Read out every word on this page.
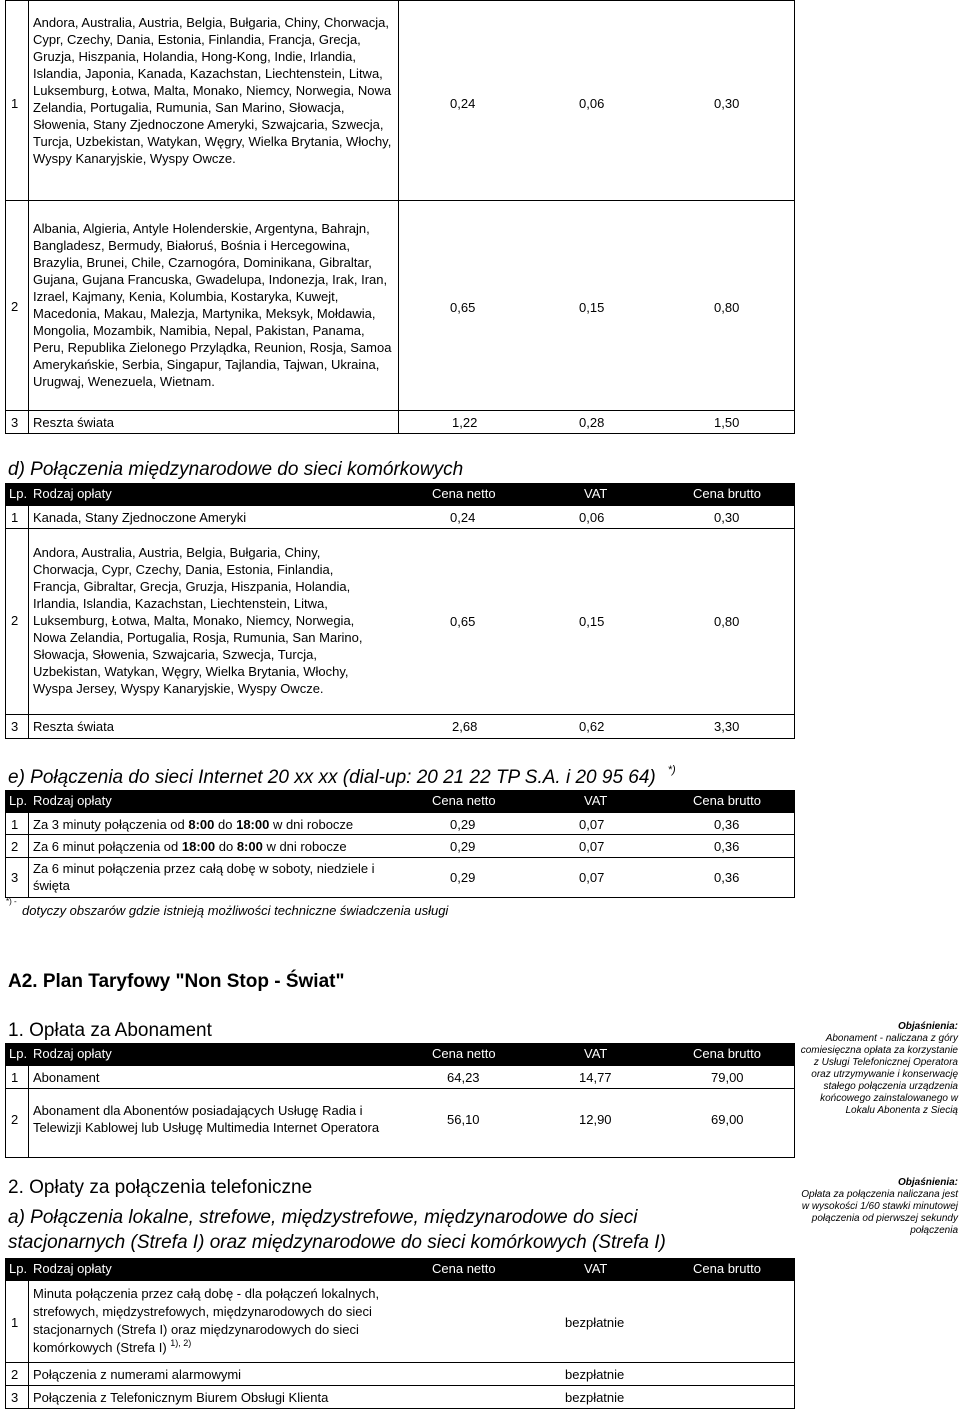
1
Andora, Australia, Austria, Belgia, Bułgaria, Chiny, Chorwacja, Cypr, Czechy, Dania, Estonia, Finlandia, Francja, Grecja, Gruzja, Hiszpania, Holandia, Hong-Kong, Indie, Irlandia, Islandia, Japonia, Kanada, Kazachstan, Liechtenstein, Litwa, Luksemburg, Łotwa, Malta, Monako, Niemcy, Norwegia, Nowa Zelandia, Portugalia, Rumunia, San Marino, Słowacja, Słowenia, Stany Zjednoczone Ameryki, Szwajcaria, Szwecja, Turcja, Uzbekistan, Watykan, Węgry, Wielka Brytania, Włochy, Wyspy Kanaryjskie, Wyspy Owcze.
0,24	0,06	0,30
2
Albania, Algieria, Antyle Holenderskie, Argentyna, Bahrajn, Bangladesz, Bermudy, Białoruś, Bośnia i Hercegowina, Brazylia, Brunei, Chile, Czarnogóra, Dominikana, Gibraltar, Gujana, Gujana Francuska, Gwadelupa, Indonezja, Irak, Iran, Izrael, Kajmany, Kenia, Kolumbia, Kostaryka, Kuwejt, Macedonia, Makau, Malezja, Martynika, Meksyk, Mołdawia, Mongolia, Mozambik, Namibia, Nepal, Pakistan, Panama, Peru, Republika Zielonego Przylądka, Reunion, Rosja, Samoa Amerykańskie, Serbia, Singapur, Tajlandia, Tajwan, Ukraina, Urugwaj, Wenezuela, Wietnam.
0,65	0,15	0,80
3 Reszta świata	1,22	0,28	1,50
d) Połączenia międzynarodowe do sieci komórkowych
Lp. Rodzaj opłaty	Cena netto	VAT	Cena brutto
1 Kanada, Stany Zjednoczone Ameryki	0,24	0,06	0,30
2
Andora, Australia, Austria, Belgia, Bułgaria, Chiny, Chorwacja, Cypr, Czechy, Dania, Estonia, Finlandia, Francja, Gibraltar, Grecja, Gruzja, Hiszpania, Holandia, Irlandia, Islandia, Kazachstan, Liechtenstein, Litwa, Luksemburg, Łotwa, Malta, Monako, Niemcy, Norwegia, Nowa Zelandia, Portugalia, Rosja, Rumunia, San Marino, Słowacja, Słowenia, Szwajcaria, Szwecja, Turcja, Uzbekistan, Watykan, Węgry, Wielka Brytania, Włochy, Wyspa Jersey, Wyspy Kanaryjskie, Wyspy Owcze.
0,65	0,15	0,80
3 Reszta świata	2,68	0,62	3,30
e) Połączenia do sieci Internet 20 xx xx (dial-up: 20 21 22 TP S.A. i 20 95 64) *)
Lp. Rodzaj opłaty	Cena netto	VAT	Cena brutto
1 Za 3 minuty połączenia od 8:00 do 18:00 w dni robocze	0,29	0,07	0,36
2 Za 6 minut połączenia od 18:00 do 8:00 w dni robocze	0,29	0,07	0,36
3
Za 6 minut połączenia przez całą dobę w soboty, niedziele i święta
0,29	0,07	0,36
*) -
dotyczy obszarów gdzie istnieją możliwości techniczne świadczenia usługi
A2. Plan Taryfowy "Non Stop - Świat"
1. Opłata za Abonament
Lp. Rodzaj opłaty	Cena netto	VAT	Cena brutto
1 Abonament	64,23	14,77	79,00
2
Abonament dla Abonentów posiadających Usługę Radia i Telewizji Kablowej lub Usługę Multimedia Internet Operatora
56,10	12,90	69,00
Objaśnienia:
Abonament - naliczana z góry comiesięczna opłata za korzystanie z Usługi Telefonicznej Operatora oraz utrzymywanie i konserwację stałego połączenia urządzenia końcowego zainstalowanego w Lokalu Abonenta z Siecią
2. Opłaty za połączenia telefoniczne
a) Połączenia lokalne, strefowe, międzystrefowe, międzynarodowe do sieci stacjonarnych (Strefa I) oraz międzynarodowe do sieci komórkowych (Strefa I)
Lp. Rodzaj opłaty	Cena netto	VAT	Cena brutto
1
Minuta połączenia przez całą dobę - dla połączeń lokalnych, strefowych, międzystrefowych, międzynarodowych do sieci stacjonarnych (Strefa I) oraz międzynarodowych do sieci komórkowych (Strefa I) $^{1), 2)}$
bezpłatnie
2 Połączenia z numerami alarmowymi	bezpłatnie
3 Połączenia z Telefonicznym Biurem Obsługi Klienta	bezpłatnie
Objaśnienia:
Opłata za połączenia naliczana jest w wysokości 1/60 stawki minutowej połączenia od pierwszej sekundy połączenia
